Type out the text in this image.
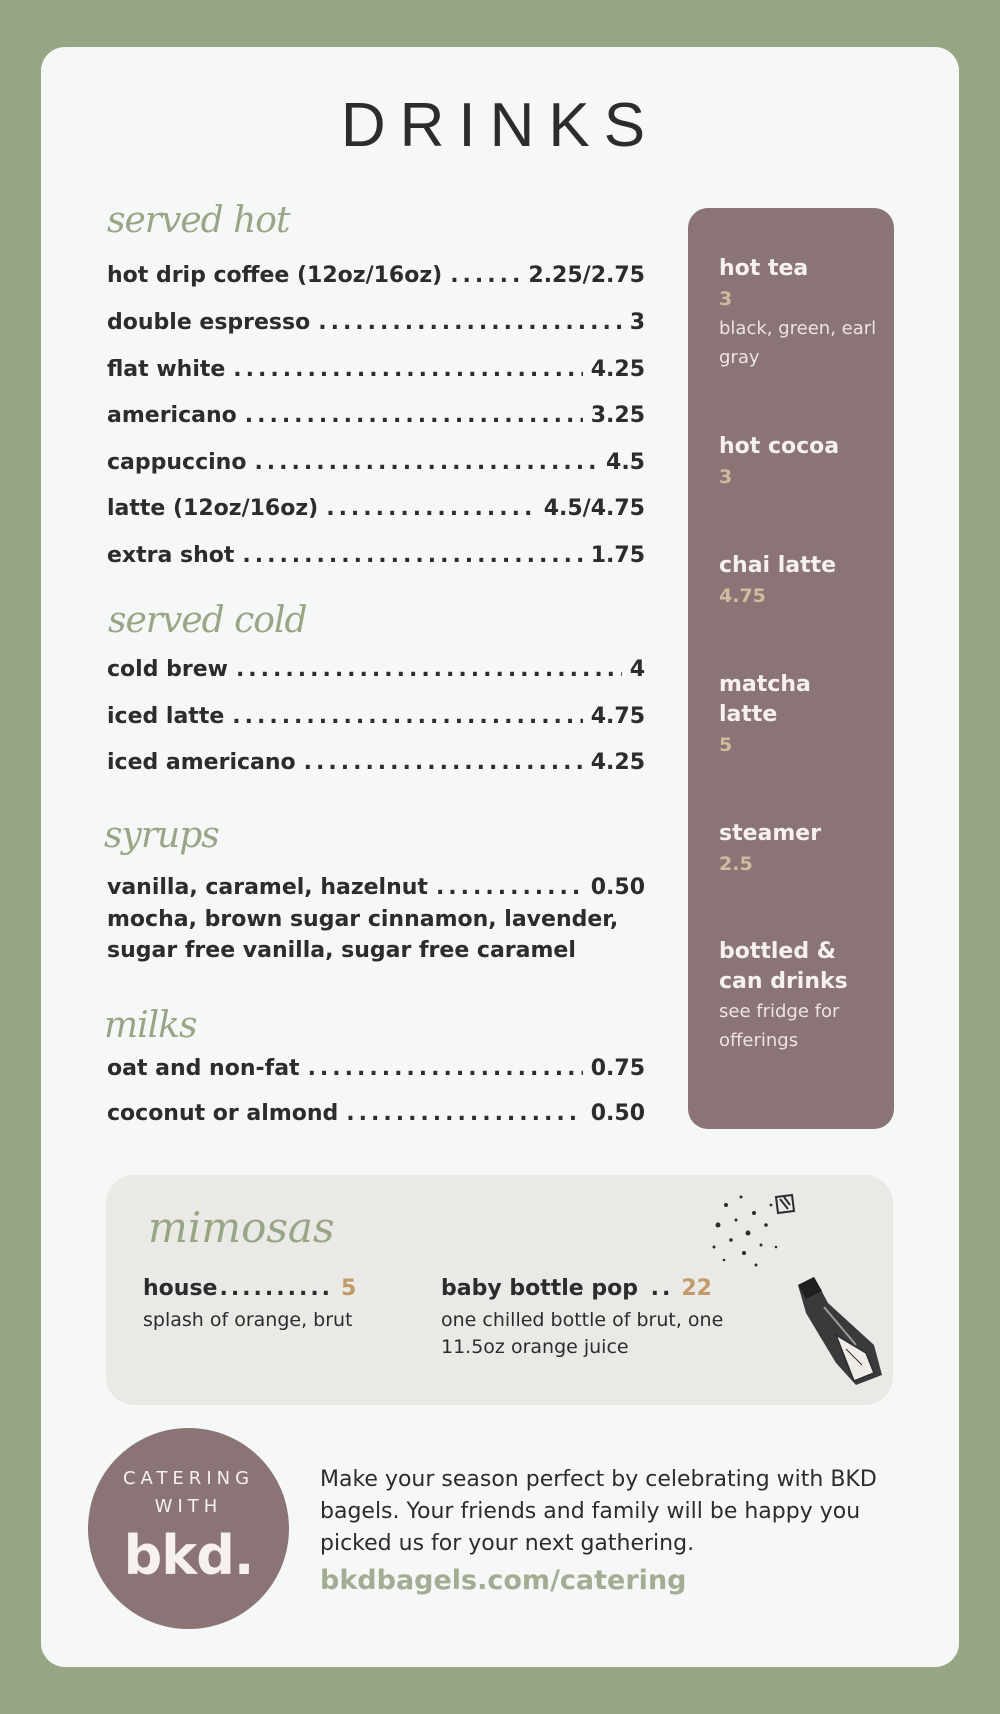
DRINKS
served hot
hot drip coffee (12oz/16oz) .....	2.25/2.75
double espresso .....	3
flat white .....	4.25
americano .....	3.25
cappuccino .....	4.5
latte (12oz/16oz) .....	4.5/4.75
extra shot .....	1.75
served cold
cold brew .....	4
iced latte .....	4.75
iced americano .....	4.25
syrups
vanilla, caramel, hazelnut .....	0.50
mocha, brown sugar cinnamon, lavender, sugar free vanilla, sugar free caramel
milks
oat and non-fat .....	0.75
coconut or almond .....	0.50
hot tea
3
black, green, earl gray
hot cocoa
3
chai latte
4.75
matcha latte
5
steamer
2.5
bottled & can drinks
see fridge for offerings
mimosas
house.......... 5
splash of orange, brut
baby bottle pop .. 22
one chilled bottle of brut, one 11.5oz orange juice
CATERING
WITH
bkd.
Make your season perfect by celebrating with BKD bagels. Your friends and family will be happy you picked us for your next gathering.
bkdbagels.com/catering
